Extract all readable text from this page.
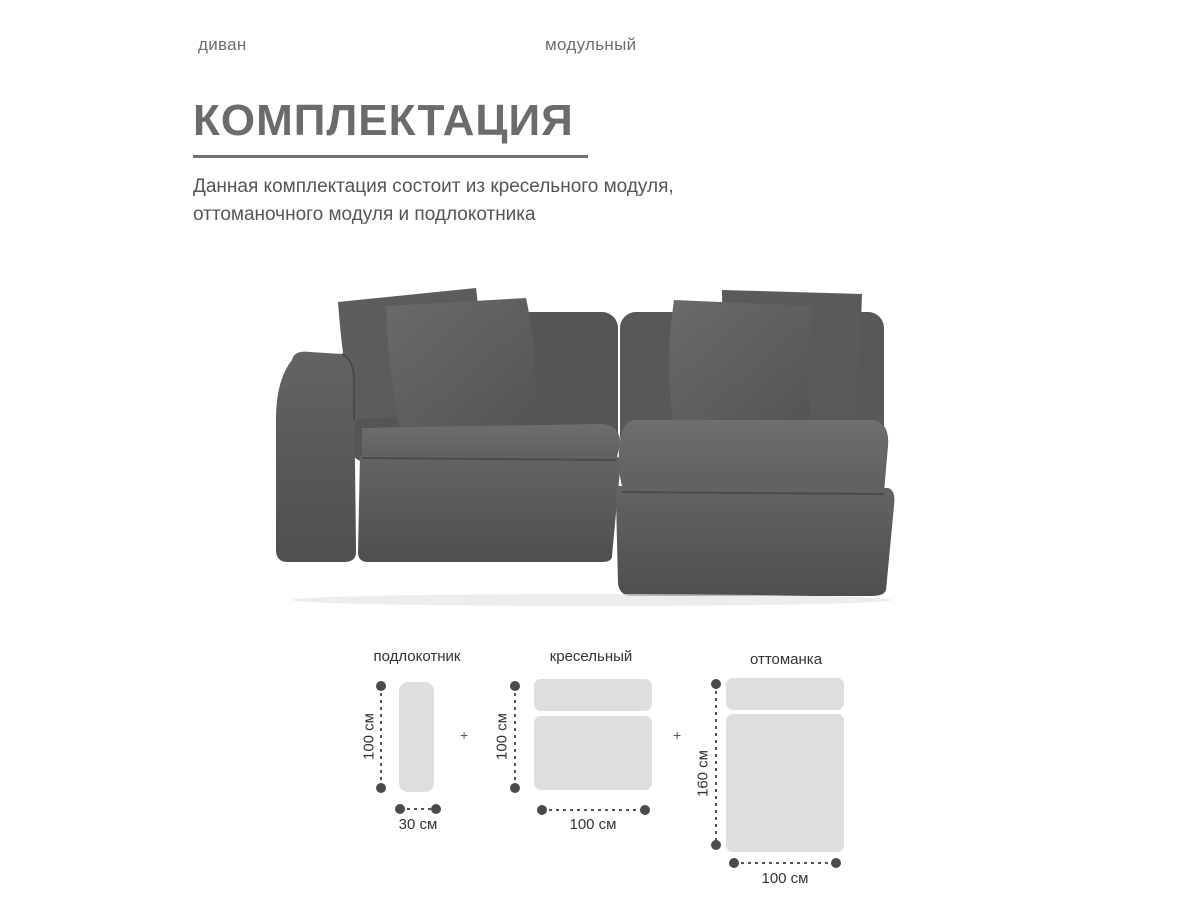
диван	модульный
КОМПЛЕКТАЦИЯ
Данная комплектация состоит из кресельного модуля,
оттоманочного модуля и подлокотника
подлокотник	кресельный	оттоманка
100 см	100 см
160 см
30 см	100 см
100 см
+	+
